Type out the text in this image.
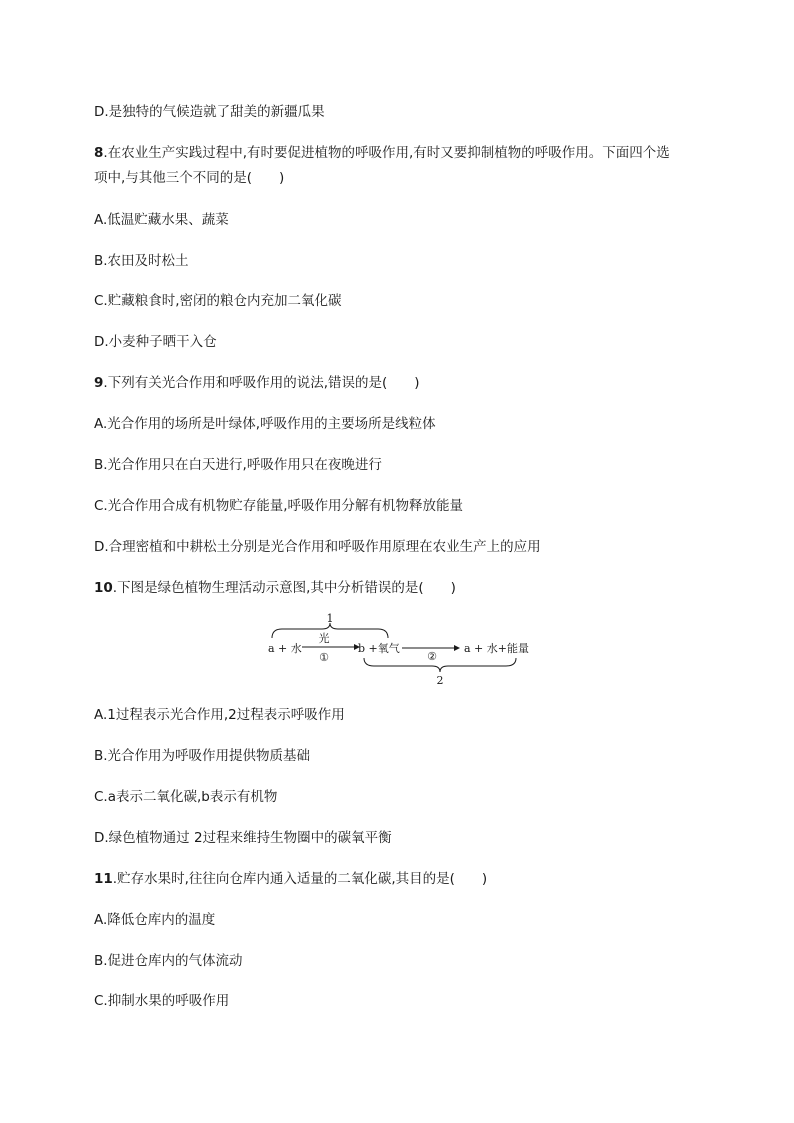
D.是独特的气候造就了甜美的新疆瓜果
8.在农业生产实践过程中,有时要促进植物的呼吸作用,有时又要抑制植物的呼吸作用。下面四个选
项中,与其他三个不同的是(　　)
A.低温贮藏水果、蔬菜
B.农田及时松土
C.贮藏粮食时,密闭的粮仓内充加二氧化碳
D.小麦种子晒干入仓
9.下列有关光合作用和呼吸作用的说法,错误的是(　　)
A.光合作用的场所是叶绿体,呼吸作用的主要场所是线粒体
B.光合作用只在白天进行,呼吸作用只在夜晚进行
C.光合作用合成有机物贮存能量,呼吸作用分解有机物释放能量
D.合理密植和中耕松土分别是光合作用和呼吸作用原理在农业生产上的应用
10.下图是绿色植物生理活动示意图,其中分析错误的是(　　)
1
a + 水
光
①
b +氧气
②
a + 水+能量
2
A.1过程表示光合作用,2过程表示呼吸作用
B.光合作用为呼吸作用提供物质基础
C.a表示二氧化碳,b表示有机物
D.绿色植物通过 2过程来维持生物圈中的碳氧平衡
11.贮存水果时,往往向仓库内通入适量的二氧化碳,其目的是(　　)
A.降低仓库内的温度
B.促进仓库内的气体流动
C.抑制水果的呼吸作用
